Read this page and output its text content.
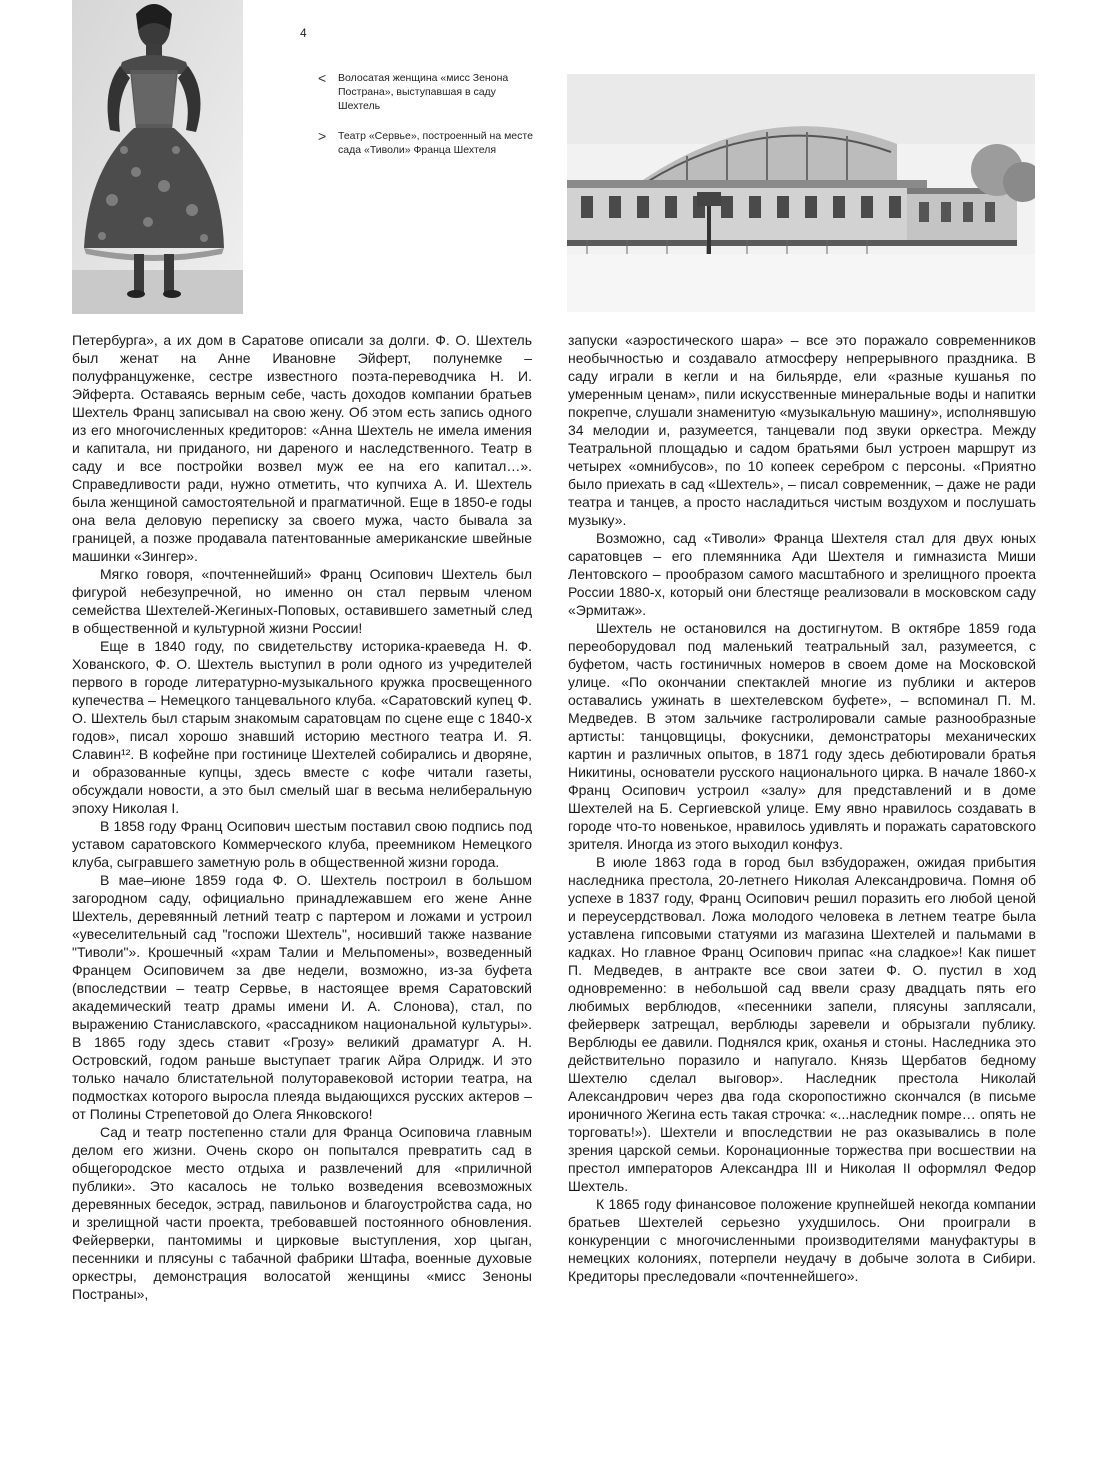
4
<	Волосатая женщина «мисс Зенона Пострана», выступавшая в саду Шехтель
>	Театр «Сервье», построенный на месте сада «Тиволи» Франца Шехтеля

Петербурга», а их дом в Саратове описали за долги. Ф. О. Шехтель был женат на Анне Ивановне Эйферт, полунемке – полуфранцуженке, сестре известного поэта-переводчика Н. И. Эйферта. Оставаясь верным себе, часть доходов компании братьев Шехтель Франц записывал на свою жену. Об этом есть запись одного из его многочисленных кредиторов: «Анна Шехтель не имела имения и капитала, ни приданого, ни дареного и наследственного. Театр в саду и все постройки возвел муж ее на его капитал…». Справедливости ради, нужно отметить, что купчиха А. И. Шехтель была женщиной самостоятельной и прагматичной. Еще в 1850-е годы она вела деловую переписку за своего мужа, часто бывала за границей, а позже продавала патентованные американские швейные машинки «Зингер».

Мягко говоря, «почтеннейший» Франц Осипович Шехтель был фигурой небезупречной, но именно он стал первым членом семейства Шехтелей-Жегиных-Поповых, оставившего заметный след в общественной и культурной жизни России!

Еще в 1840 году, по свидетельству историка-краеведа Н. Ф. Хованского, Ф. О. Шехтель выступил в роли одного из учредителей первого в городе литературно-музыкального кружка просвещенного купечества – Немецкого танцевального клуба. «Саратовский купец Ф. О. Шехтель был старым знакомым саратовцам по сцене еще с 1840-х годов», писал хорошо знавший историю местного театра И. Я. Славин¹². В кофейне при гостинице Шехтелей собирались и дворяне, и образованные купцы, здесь вместе с кофе читали газеты, обсуждали новости, а это был смелый шаг в весьма нелиберальную эпоху Николая I.

В 1858 году Франц Осипович шестым поставил свою подпись под уставом саратовского Коммерческого клуба, преемником Немецкого клуба, сыгравшего заметную роль в общественной жизни города.

В мае–июне 1859 года Ф. О. Шехтель построил в большом загородном саду, официально принадлежавшем его жене Анне Шехтель, деревянный летний театр с партером и ложами и устроил «увеселительный сад "госпожи Шехтель", носивший также название "Тиволи"». Крошечный «храм Талии и Мельпомены», возведенный Францем Осиповичем за две недели, возможно, из-за буфета (впоследствии – театр Сервье, в настоящее время Саратовский академический театр драмы имени И. А. Слонова), стал, по выражению Станиславского, «рассадником национальной культуры». В 1865 году здесь ставит «Грозу» великий драматург А. Н. Островский, годом раньше выступает трагик Айра Олридж. И это только начало блистательной полуторавековой истории театра, на подмостках которого выросла плеяда выдающихся русских актеров – от Полины Стрепетовой до Олега Янковского!

Сад и театр постепенно стали для Франца Осиповича главным делом его жизни. Очень скоро он попытался превратить сад в общегородское место отдыха и развлечений для «приличной публики». Это касалось не только возведения всевозможных деревянных беседок, эстрад, павильонов и благоустройства сада, но и зрелищной части проекта, требовавшей постоянного обновления. Фейерверки, пантомимы и цирковые выступления, хор цыган, песенники и плясуны с табачной фабрики Штафа, военные духовые оркестры, демонстрация волосатой женщины «мисс Зеноны Постраны»,

запуски «аэростического шара» – все это поражало современников необычностью и создавало атмосферу непрерывного праздника. В саду играли в кегли и на бильярде, ели «разные кушанья по умеренным ценам», пили искусственные минеральные воды и напитки покрепче, слушали знаменитую «музыкальную машину», исполнявшую 34 мелодии и, разумеется, танцевали под звуки оркестра. Между Театральной площадью и садом братьями был устроен маршрут из четырех «омнибусов», по 10 копеек серебром с персоны. «Приятно было приехать в сад «Шехтель», – писал современник, – даже не ради театра и танцев, а просто насладиться чистым воздухом и послушать музыку».

Возможно, сад «Тиволи» Франца Шехтеля стал для двух юных саратовцев – его племянника Ади Шехтеля и гимназиста Миши Лентовского – прообразом самого масштабного и зрелищного проекта России 1880-х, который они блестяще реализовали в московском саду «Эрмитаж».

Шехтель не остановился на достигнутом. В октябре 1859 года переоборудовал под маленький театральный зал, разумеется, с буфетом, часть гостиничных номеров в своем доме на Московской улице. «По окончании спектаклей многие из публики и актеров оставались ужинать в шехтелевском буфете», – вспоминал П. М. Медведев. В этом зальчике гастролировали самые разнообразные артисты: танцовщицы, фокусники, демонстраторы механических картин и различных опытов, в 1871 году здесь дебютировали братья Никитины, основатели русского национального цирка. В начале 1860-х Франц Осипович устроил «залу» для представлений и в доме Шехтелей на Б. Сергиевской улице. Ему явно нравилось создавать в городе что-то новенькое, нравилось удивлять и поражать саратовского зрителя. Иногда из этого выходил конфуз.

В июле 1863 года в город был взбудоражен, ожидая прибытия наследника престола, 20-летнего Николая Александровича. Помня об успехе в 1837 году, Франц Осипович решил поразить его любой ценой и переусердствовал. Ложа молодого человека в летнем театре была уставлена гипсовыми статуями из магазина Шехтелей и пальмами в кадках. Но главное Франц Осипович припас «на сладкое»! Как пишет П. Медведев, в антракте все свои затеи Ф. О. пустил в ход одновременно: в небольшой сад ввели сразу двадцать пять его любимых верблюдов, «песенники запели, плясуны заплясали, фейерверк затрещал, верблюды заревели и обрызгали публику. Верблюды ее давили. Поднялся крик, оханья и стоны. Наследника это действительно поразило и напугало. Князь Щербатов бедному Шехтелю сделал выговор». Наследник престола Николай Александрович через два года скоропостижно скончался (в письме ироничного Жегина есть такая строчка: «...наследник помре… опять не торговать!»). Шехтели и впоследствии не раз оказывались в поле зрения царской семьи. Коронационные торжества при восшествии на престол императоров Александра III и Николая II оформлял Федор Шехтель.

К 1865 году финансовое положение крупнейшей некогда компании братьев Шехтелей серьезно ухудшилось. Они проиграли в конкуренции с многочисленными производителями мануфактуры в немецких колониях, потерпели неудачу в добыче золота в Сибири. Кредиторы преследовали «почтеннейшего».
